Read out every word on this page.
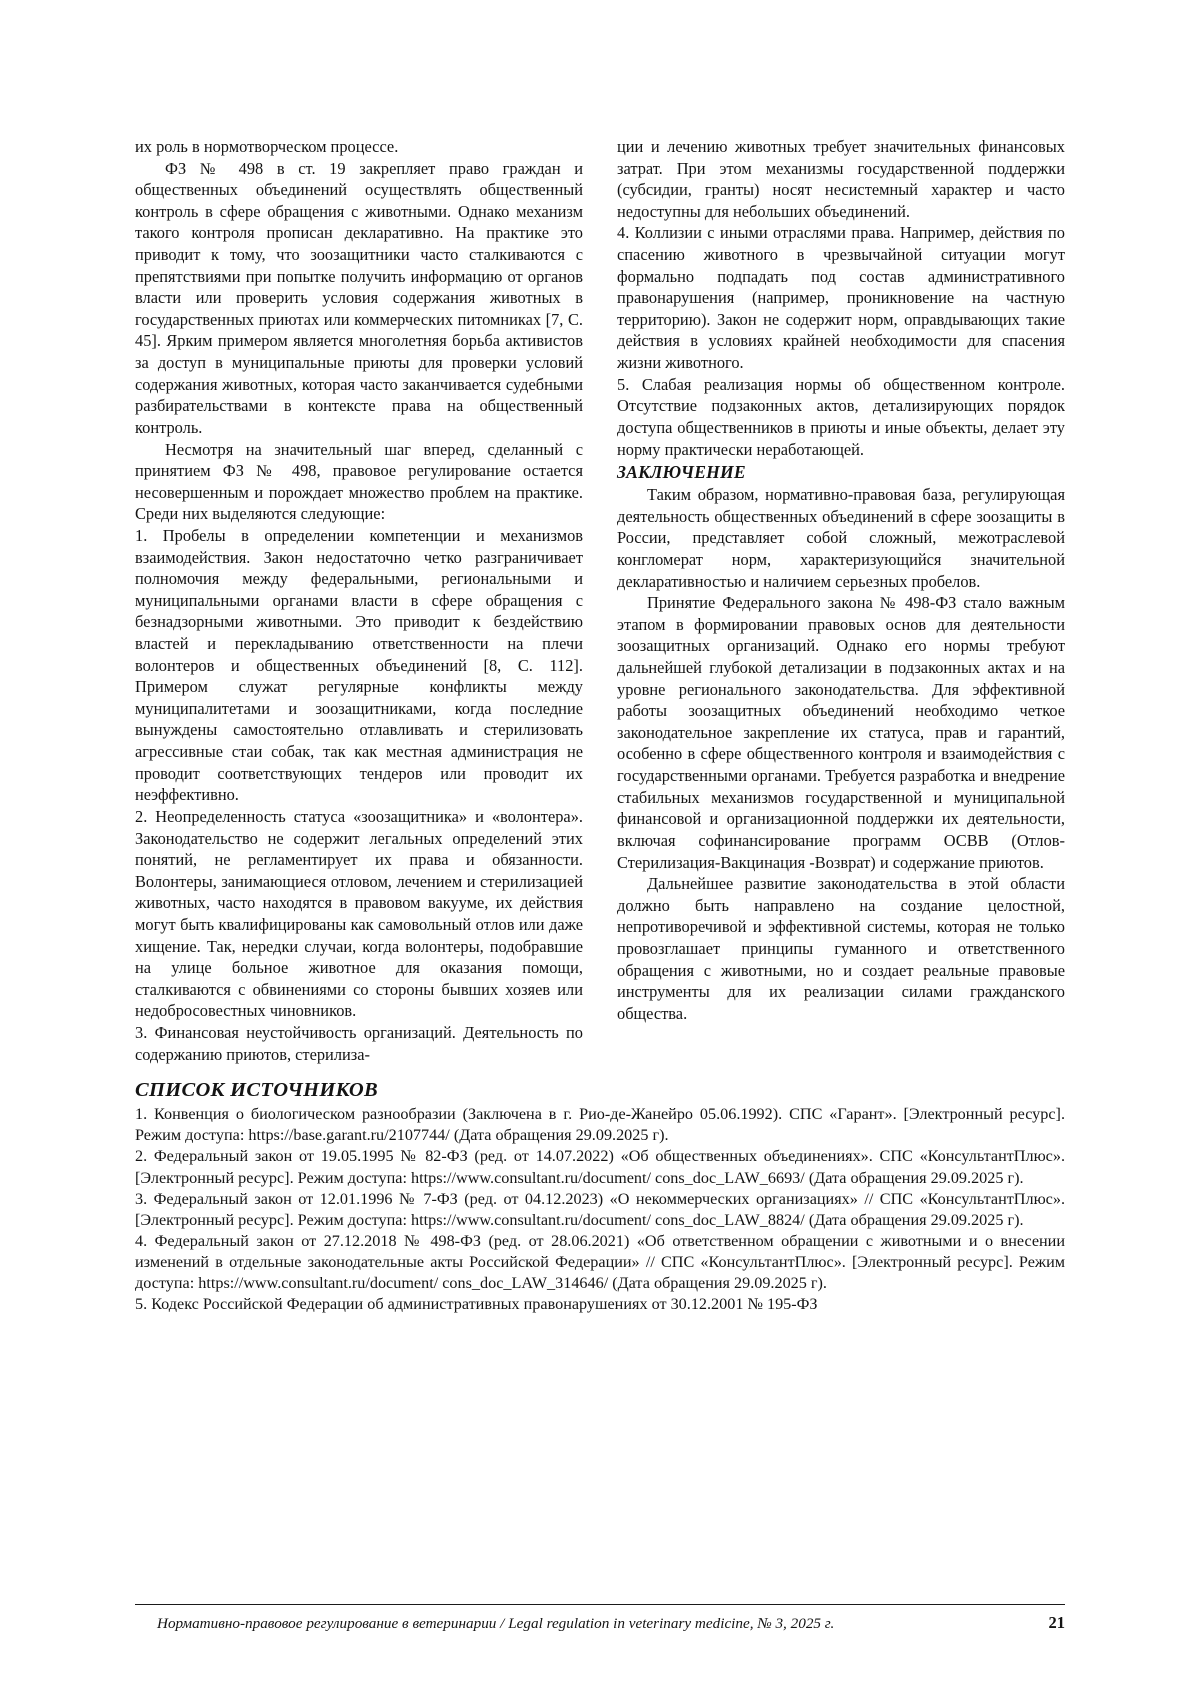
их роль в нормотворческом процессе.

ФЗ № 498 в ст. 19 закрепляет право граждан и общественных объединений осуществлять общественный контроль в сфере обращения с животными. Однако механизм такого контроля прописан декларативно. На практике это приводит к тому, что зоозащитники часто сталкиваются с препятствиями при попытке получить информацию от органов власти или проверить условия содержания животных в государственных приютах или коммерческих питомниках [7, С. 45]. Ярким примером является многолетняя борьба активистов за доступ в муниципальные приюты для проверки условий содержания животных, которая часто заканчивается судебными разбирательствами в контексте права на общественный контроль.

Несмотря на значительный шаг вперед, сделанный с принятием ФЗ № 498, правовое регулирование остается несовершенным и порождает множество проблем на практике. Среди них выделяются следующие:

1. Пробелы в определении компетенции и механизмов взаимодействия. Закон недостаточно четко разграничивает полномочия между федеральными, региональными и муниципальными органами власти в сфере обращения с безнадзорными животными. Это приводит к бездействию властей и перекладыванию ответственности на плечи волонтеров и общественных объединений [8, С. 112]. Примером служат регулярные конфликты между муниципалитетами и зоозащитниками, когда последние вынуждены самостоятельно отлавливать и стерилизовать агрессивные стаи собак, так как местная администрация не проводит соответствующих тендеров или проводит их неэффективно.

2. Неопределенность статуса «зоозащитника» и «волонтера». Законодательство не содержит легальных определений этих понятий, не регламентирует их права и обязанности. Волонтеры, занимающиеся отловом, лечением и стерилизацией животных, часто находятся в правовом вакууме, их действия могут быть квалифицированы как самовольный отлов или даже хищение. Так, нередки случаи, когда волонтеры, подобравшие на улице больное животное для оказания помощи, сталкиваются с обвинениями со стороны бывших хозяев или недобросовестных чиновников.

3. Финансовая неустойчивость организаций. Деятельность по содержанию приютов, стерилиза-

ции и лечению животных требует значительных финансовых затрат. При этом механизмы государственной поддержки (субсидии, гранты) носят несистемный характер и часто недоступны для небольших объединений.

4. Коллизии с иными отраслями права. Например, действия по спасению животного в чрезвычайной ситуации могут формально подпадать под состав административного правонарушения (например, проникновение на частную территорию). Закон не содержит норм, оправдывающих такие действия в условиях крайней необходимости для спасения жизни животного.

5. Слабая реализация нормы об общественном контроле. Отсутствие подзаконных актов, детализирующих порядок доступа общественников в приюты и иные объекты, делает эту норму практически неработающей.

ЗАКЛЮЧЕНИЕ

Таким образом, нормативно-правовая база, регулирующая деятельность общественных объединений в сфере зоозащиты в России, представляет собой сложный, межотраслевой конгломерат норм, характеризующийся значительной декларативностью и наличием серьезных пробелов.

Принятие Федерального закона № 498-ФЗ стало важным этапом в формировании правовых основ для деятельности зоозащитных организаций. Однако его нормы требуют дальнейшей глубокой детализации в подзаконных актах и на уровне регионального законодательства. Для эффективной работы зоозащитных объединений необходимо четкое законодательное закрепление их статуса, прав и гарантий, особенно в сфере общественного контроля и взаимодействия с государственными органами. Требуется разработка и внедрение стабильных механизмов государственной и муниципальной финансовой и организационной поддержки их деятельности, включая софинансирование программ ОСВВ (Отлов-Стерилизация-Вакцинация -Возврат) и содержание приютов.

Дальнейшее развитие законодательства в этой области должно быть направлено на создание целостной, непротиворечивой и эффективной системы, которая не только провозглашает принципы гуманного и ответственного обращения с животными, но и создает реальные правовые инструменты для их реализации силами гражданского общества.

СПИСОК ИСТОЧНИКОВ

1. Конвенция о биологическом разнообразии (Заключена в г. Рио-де-Жанейро 05.06.1992). СПС «Гарант». [Электронный ресурс]. Режим доступа: https://base.garant.ru/2107744/ (Дата обращения 29.09.2025 г).

2. Федеральный закон от 19.05.1995 № 82-ФЗ (ред. от 14.07.2022) «Об общественных объединениях». СПС «КонсультантПлюс». [Электронный ресурс]. Режим доступа: https://www.consultant.ru/document/ cons_doc_LAW_6693/ (Дата обращения 29.09.2025 г).

3. Федеральный закон от 12.01.1996 № 7-ФЗ (ред. от 04.12.2023) «О некоммерческих организациях» // СПС «КонсультантПлюс». [Электронный ресурс]. Режим доступа: https://www.consultant.ru/document/ cons_doc_LAW_8824/ (Дата обращения 29.09.2025 г).

4. Федеральный закон от 27.12.2018 № 498-ФЗ (ред. от 28.06.2021) «Об ответственном обращении с животными и о внесении изменений в отдельные законодательные акты Российской Федерации» // СПС «КонсультантПлюс». [Электронный ресурс]. Режим доступа: https://www.consultant.ru/document/ cons_doc_LAW_314646/ (Дата обращения 29.09.2025 г).

5. Кодекс Российской Федерации об административных правонарушениях от 30.12.2001 № 195-ФЗ

Нормативно-правовое регулирование в ветеринарии / Legal regulation in veterinary medicine, № 3, 2025 г.	21
